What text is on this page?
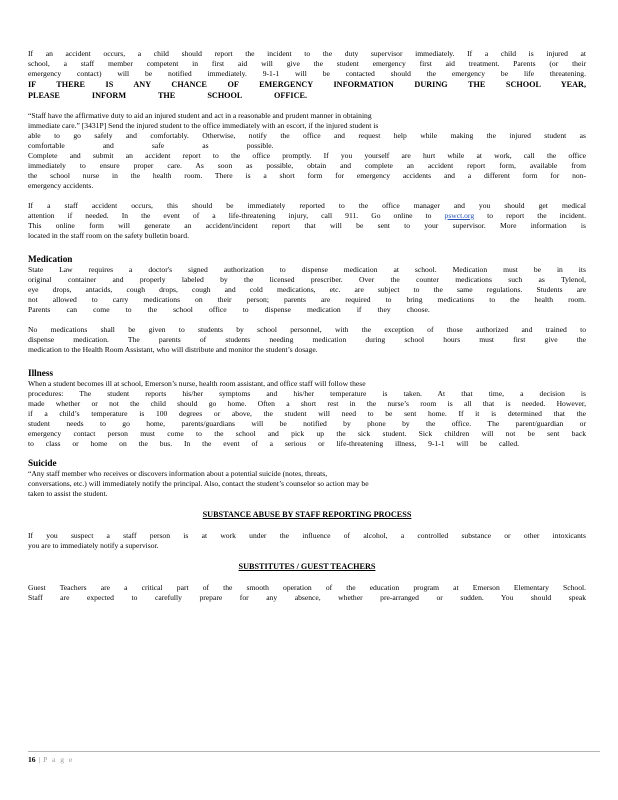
If an accident occurs, a child should report the incident to the duty supervisor immediately. If a child is injured at

school, a staff member competent in first aid will give the student emergency first aid treatment. Parents (or their

emergency contact) will be notified immediately. 9-1-1 will be contacted should the emergency be life threatening.

IF THERE IS ANY CHANCE OF EMERGENCY INFORMATION DURING THE SCHOOL YEAR,

PLEASE INFORM THE SCHOOL OFFICE.

“Staff have the affirmative duty to aid an injured student and act in a reasonable and prudent manner in obtaining

immediate care.” [3431P] Send the injured student to the office immediately with an escort, if the injured student is

able to go safely and comfortably. Otherwise, notify the office and request help while making the injured student as

comfortable and safe as possible.

Complete and submit an accident report to the office promptly. If you yourself are hurt while at work, call the office

immediately to ensure proper care. As soon as possible, obtain and complete an accident report form, available from

the school nurse in the health room. There is a short form for emergency accidents and a different form for non-

emergency accidents.

If a staff accident occurs, this should be immediately reported to the office manager and you should get medical

attention if needed. In the event of a life-threatening injury, call 911. Go online to pswct.org to report the incident.

This online form will generate an accident/incident report that will be sent to your supervisor. More information is

located in the staff room on the safety bulletin board.

Medication

State Law requires a doctor's signed authorization to dispense medication at school. Medication must be in its

original container and properly labeled by the licensed prescriber. Over the counter medications such as Tylenol,

eye drops, antacids, cough drops, cough and cold medications, etc. are subject to the same regulations. Students are

not allowed to carry medications on their person; parents are required to bring medications to the health room.

Parents can come to the school office to dispense medication if they choose.

No medications shall be given to students by school personnel, with the exception of those authorized and trained to

dispense medication. The parents of students needing medication during school hours must first give the

medication to the Health Room Assistant, who will distribute and monitor the student’s dosage.

Illness

When a student becomes ill at school, Emerson’s nurse, health room assistant, and office staff will follow these

procedures: The student reports his/her symptoms and his/her temperature is taken. At that time, a decision is

made whether or not the child should go home. Often a short rest in the nurse’s room is all that is needed. However,

if a child’s temperature is 100 degrees or above, the student will need to be sent home. If it is determined that the

student needs to go home, parents/guardians will be notified by phone by the office. The parent/guardian or

emergency contact person must come to the school and pick up the sick student. Sick children will not be sent back

to class or home on the bus. In the event of a serious or life-threatening illness, 9-1-1 will be called.

Suicide

“Any staff member who receives or discovers information about a potential suicide (notes, threats,

conversations, etc.) will immediately notify the principal. Also, contact the student’s counselor so action may be

taken to assist the student.

SUBSTANCE ABUSE BY STAFF REPORTING PROCESS

If you suspect a staff person is at work under the influence of alcohol, a controlled substance or other intoxicants

you are to immediately notify a supervisor.

SUBSTITUTES / GUEST TEACHERS

Guest Teachers are a critical part of the smooth operation of the education program at Emerson Elementary School.

Staff are expected to carefully prepare for any absence, whether pre-arranged or sudden. You should speak

16 | P a g e
